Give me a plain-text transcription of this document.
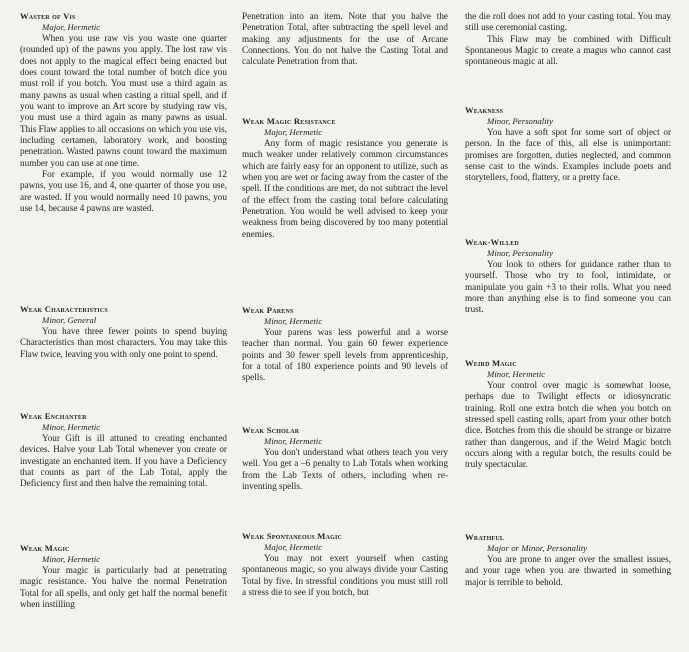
Waster of Vis
Major, Hermetic

When you use raw vis you waste one quarter (rounded up) of the pawns you apply. The lost raw vis does not apply to the magical effect being enacted but does count toward the total number of botch dice you must roll if you botch. You must use a third again as many pawns as usual when casting a ritual spell, and if you want to improve an Art score by studying raw vis, you must use a third again as many pawns as usual. This Flaw applies to all occasions on which you use vis, including certamen, laboratory work, and boosting penetration. Wasted pawns count toward the maximum number you can use at one time.

For example, if you would normally use 12 pawns, you use 16, and 4, one quarter of those you use, are wasted. If you would normally need 10 pawns, you use 14, because 4 pawns are wasted.

Weak Characteristics
Minor, General

You have three fewer points to spend buying Characteristics than most characters. You may take this Flaw twice, leaving you with only one point to spend.

Weak Enchanter
Minor, Hermetic

Your Gift is ill attuned to creating enchanted devices. Halve your Lab Total whenever you create or investigate an enchanted item. If you have a Deficiency that counts as part of the Lab Total, apply the Deficiency first and then halve the remaining total.

Weak Magic
Minor, Hermetic

Your magic is particularly bad at penetrating magic resistance. You halve the normal Penetration Total for all spells, and only get half the normal benefit when instilling

Penetration into an item. Note that you halve the Penetration Total, after subtracting the spell level and making any adjustments for the use of Arcane Connections. You do not halve the Casting Total and calculate Penetration from that.

Weak Magic Resistance
Major, Hermetic

Any form of magic resistance you generate is much weaker under relatively common circumstances which are fairly easy for an opponent to utilize, such as when you are wet or facing away from the caster of the spell. If the conditions are met, do not subtract the level of the effect from the casting total before calculating Penetration. You would be well advised to keep your weakness from being discovered by too many potential enemies.

Weak Parens
Minor, Hermetic

Your parens was less powerful and a worse teacher than normal. You gain 60 fewer experience points and 30 fewer spell levels from apprenticeship, for a total of 180 experience points and 90 levels of spells.

Weak Scholar
Minor, Hermetic

You don't understand what others teach you very well. You get a –6 penalty to Lab Totals when working from the Lab Texts of others, including when re-inventing spells.

Weak Spontaneous Magic
Major, Hermetic

You may not exert yourself when casting spontaneous magic, so you always divide your Casting Total by five. In stressful conditions you must still roll a stress die to see if you botch, but

the die roll does not add to your casting total. You may still use ceremonial casting.

This Flaw may be combined with Difficult Spontaneous Magic to create a magus who cannot cast spontaneous magic at all.

Weakness
Minor, Personality

You have a soft spot for some sort of object or person. In the face of this, all else is unimportant: promises are forgotten, duties neglected, and common sense cast to the winds. Examples include poets and storytellers, food, flattery, or a pretty face.

Weak-Willed
Minor, Personality

You look to others for guidance rather than to yourself. Those who try to fool, intimidate, or manipulate you gain +3 to their rolls. What you need more than anything else is to find someone you can trust.

Weird Magic
Minor, Hermetic

Your control over magic is somewhat loose, perhaps due to Twilight effects or idiosyncratic training. Roll one extra botch die when you botch on stressed spell casting rolls, apart from your other botch dice. Botches from this die should be strange or bizarre rather than dangerous, and if the Weird Magic botch occurs along with a regular botch, the results could be truly spectacular.

Wrathful
Major or Minor, Personality

You are prone to anger over the smallest issues, and your rage when you are thwarted in something major is terrible to behold.
